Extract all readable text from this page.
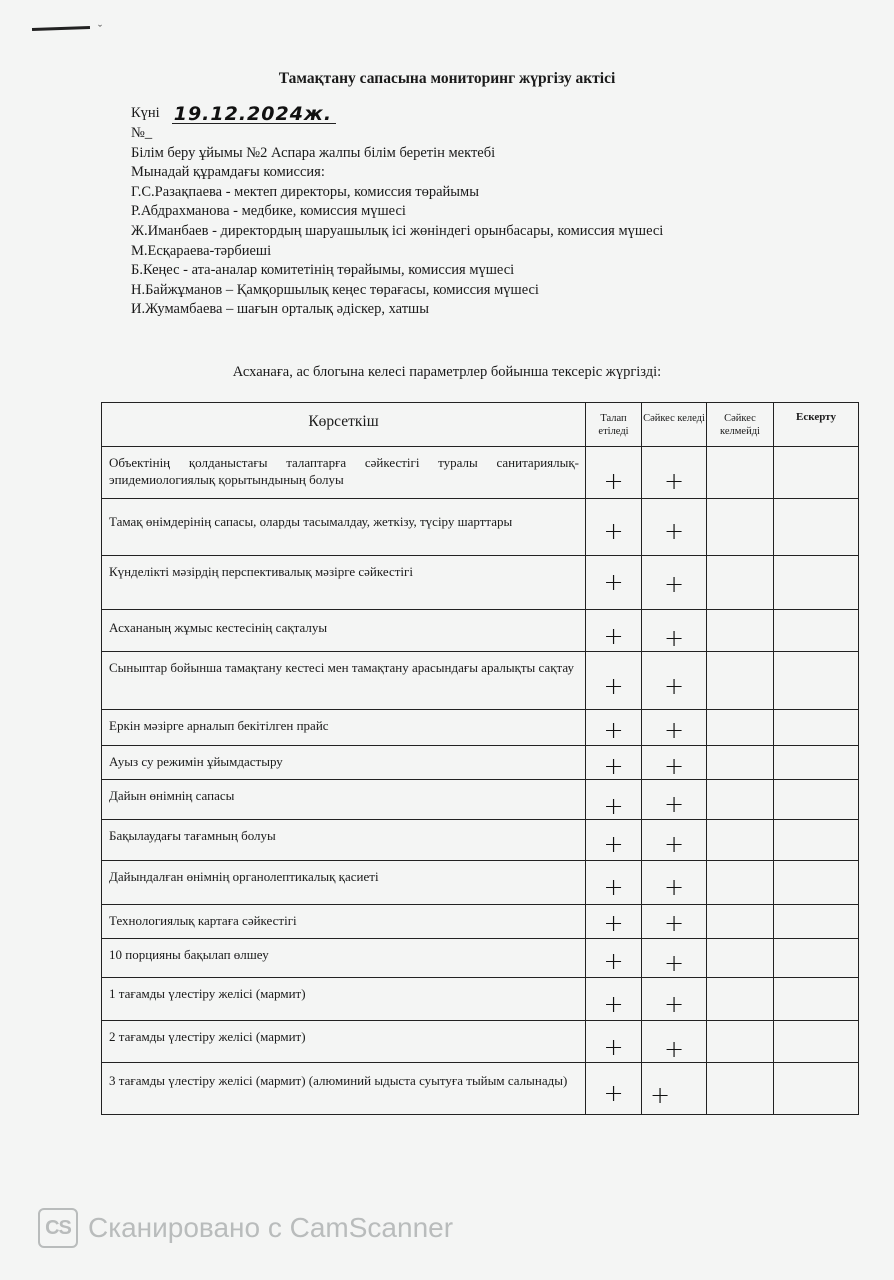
ˇ
Тамақтану сапасына мониторинг жүргізу актісі
Күні 19.12.2024ж.
№_
Білім беру ұйымы №2 Аспара жалпы білім беретін мектебі
Мынадай құрамдағы комиссия:
Г.С.Разақпаева - мектеп директоры, комиссия төрайымы
Р.Абдрахманова - медбике, комиссия мүшесі
Ж.Иманбаев - директордың шаруашылық ісі жөніндегі орынбасары, комиссия мүшесі
М.Есқараева-тәрбиеші
Б.Кеңес - ата-аналар комитетінің төрайымы, комиссия мүшесі
Н.Байжұманов – Қамқоршылық кеңес төрағасы, комиссия мүшесі
И.Жумамбаева – шағын орталық әдіскер, хатшы
Асханаға, ас блогына келесі параметрлер бойынша тексеріс жүргізді:
Көрсеткіш	Талап етіледі	Сәйкес келеді	Сәйкес келмейді	Ескерту
Объектінің қолданыстағы талаптарға сәйкестігі туралы санитариялық-эпидемиологиялық қорытындының болуы	+	+		
Тамақ өнімдерінің сапасы, оларды тасымалдау, жеткізу, түсіру шарттары	+	+		
Күнделікті мәзірдің перспективалық мәзірге сәйкестігі	+	+		
Асхананың жұмыс кестесінің сақталуы	+	+		
Сыныптар бойынша тамақтану кестесі мен тамақтану арасындағы аралықты сақтау	+	+		
Еркін мәзірге арналып бекітілген прайс	+	+		
Ауыз су режимін ұйымдастыру	+	+		
Дайын өнімнің сапасы	+	+		
Бақылаудағы тағамның болуы	+	+		
Дайындалған өнімнің органолептикалық қасиеті	+	+		
Технологиялық картаға сәйкестігі	+	+		
10 порцияны бақылап өлшеу	+	+		
1 тағамды үлестіру желісі (мармит)	+	+		
2 тағамды үлестіру желісі (мармит)	+	+		
3 тағамды үлестіру желісі (мармит) (алюминий ыдыста суытуға тыйым салынады)	+	+		
CS Сканировано с CamScanner
